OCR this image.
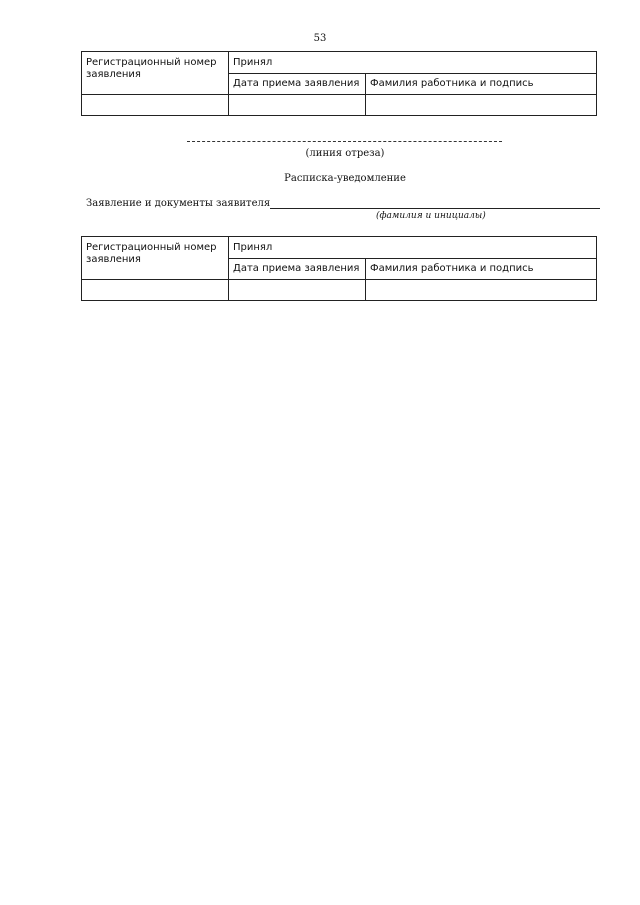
53
Регистрационный номер заявления	Принял	
	Дата приема заявления	Фамилия работника и подпись

(линия отреза)
Расписка-уведомление
Заявление и документы заявителя
(фамилия и инициалы)
Регистрационный номер заявления	Принял	
	Дата приема заявления	Фамилия работника и подпись
